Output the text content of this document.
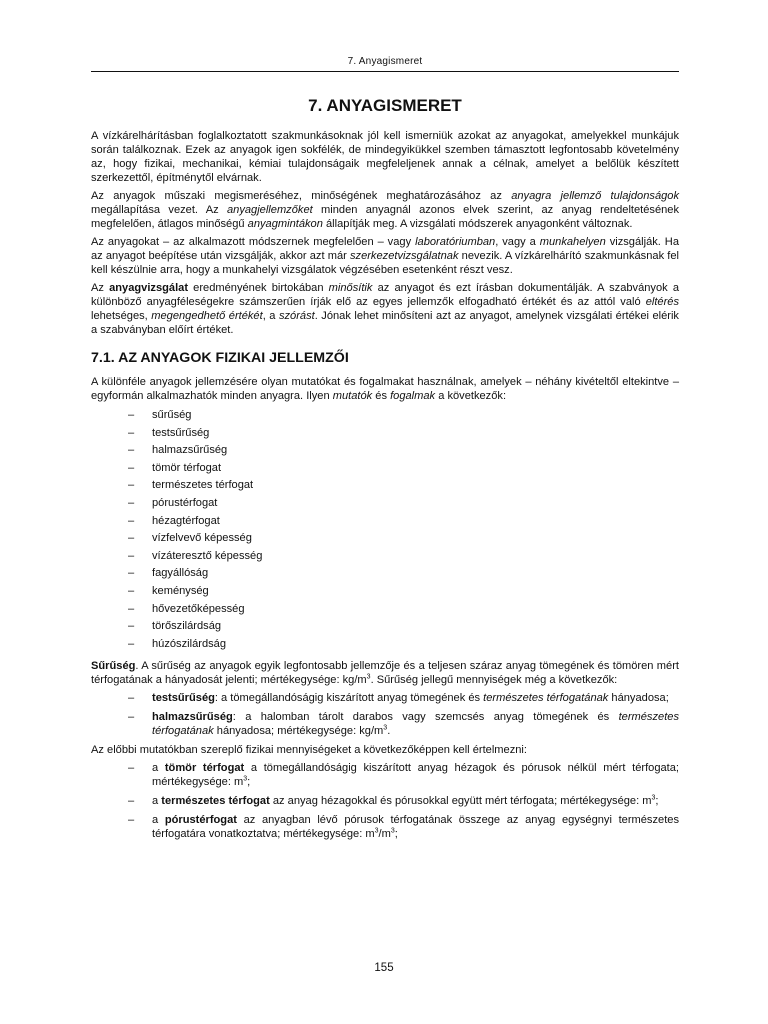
7. Anyagismeret
7. ANYAGISMERET

A vízkárelhárításban foglalkoztatott szakmunkásoknak jól kell ismerniük azokat az anyagokat, amelyekkel munkájuk során találkoznak. Ezek az anyagok igen sokfélék, de mindegyikükkel szemben támasztott legfontosabb követelmény az, hogy fizikai, mechanikai, kémiai tulajdonságaik megfeleljenek annak a célnak, amelyet a belőlük készített szerkezettől, építménytől elvárnak.

Az anyagok műszaki megismeréséhez, minőségének meghatározásához az anyagra jellemző tulajdonságok megállapítása vezet. Az anyagjellemzőket minden anyagnál azonos elvek szerint, az anyag rendeltetésének megfelelően, átlagos minőségű anyagmintákon állapítják meg. A vizsgálati módszerek anyagonként változnak.

Az anyagokat – az alkalmazott módszernek megfelelően – vagy laboratóriumban, vagy a munkahelyen vizsgálják. Ha az anyagot beépítése után vizsgálják, akkor azt már szerkezetvizsgálatnak nevezik. A vízkárelhárító szakmunkásnak fel kell készülnie arra, hogy a munkahelyi vizsgálatok végzésében esetenként részt vesz.

Az anyagvizsgálat eredményének birtokában minősítik az anyagot és ezt írásban dokumentálják. A szabványok a különböző anyagféleségekre számszerűen írják elő az egyes jellemzők elfogadható értékét és az attól való eltérés lehetséges, megengedhető értékét, a szórást. Jónak lehet minősíteni azt az anyagot, amelynek vizsgálati értékei elérik a szabványban előírt értéket.

7.1. AZ ANYAGOK FIZIKAI JELLEMZŐI

A különféle anyagok jellemzésére olyan mutatókat és fogalmakat használnak, amelyek – néhány kivételtől eltekintve – egyformán alkalmazhatók minden anyagra. Ilyen mutatók és fogalmak a következők:

– sűrűség
– testsűrűség
– halmazsűrűség
– tömör térfogat
– természetes térfogat
– pórustérfogat
– hézagtérfogat
– vízfelvevő képesség
– vízáteresztő képesség
– fagyállóság
– keménység
– hővezetőképesség
– törőszilárdság
– húzószilárdság

Sűrűség. A sűrűség az anyagok egyik legfontosabb jellemzője és a teljesen száraz anyag tömegének és tömören mért térfogatának a hányadosát jelenti; mértékegysége: $kg/m^3$. Sűrűség jellegű mennyiségek még a következők:

– testsűrűség: a tömegállandóságig kiszárított anyag tömegének és természetes térfogatának hányadosa;
– halmazsűrűség: a halomban tárolt darabos vagy szemcsés anyag tömegének és természetes térfogatának hányadosa; mértékegysége: $kg/m^3$.

Az előbbi mutatókban szereplő fizikai mennyiségeket a következőképpen kell értelmezni:

– a tömör térfogat a tömegállandóságig kiszárított anyag hézagok és pórusok nélkül mért térfogata; mértékegysége: $m^3$;
– a természetes térfogat az anyag hézagokkal és pórusokkal együtt mért térfogata; mértékegysége: $m^3$;
– a pórustérfogat az anyagban lévő pórusok térfogatának összege az anyag egységnyi természetes térfogatára vonatkoztatva; mértékegysége: $m^3/m^3$;
155
